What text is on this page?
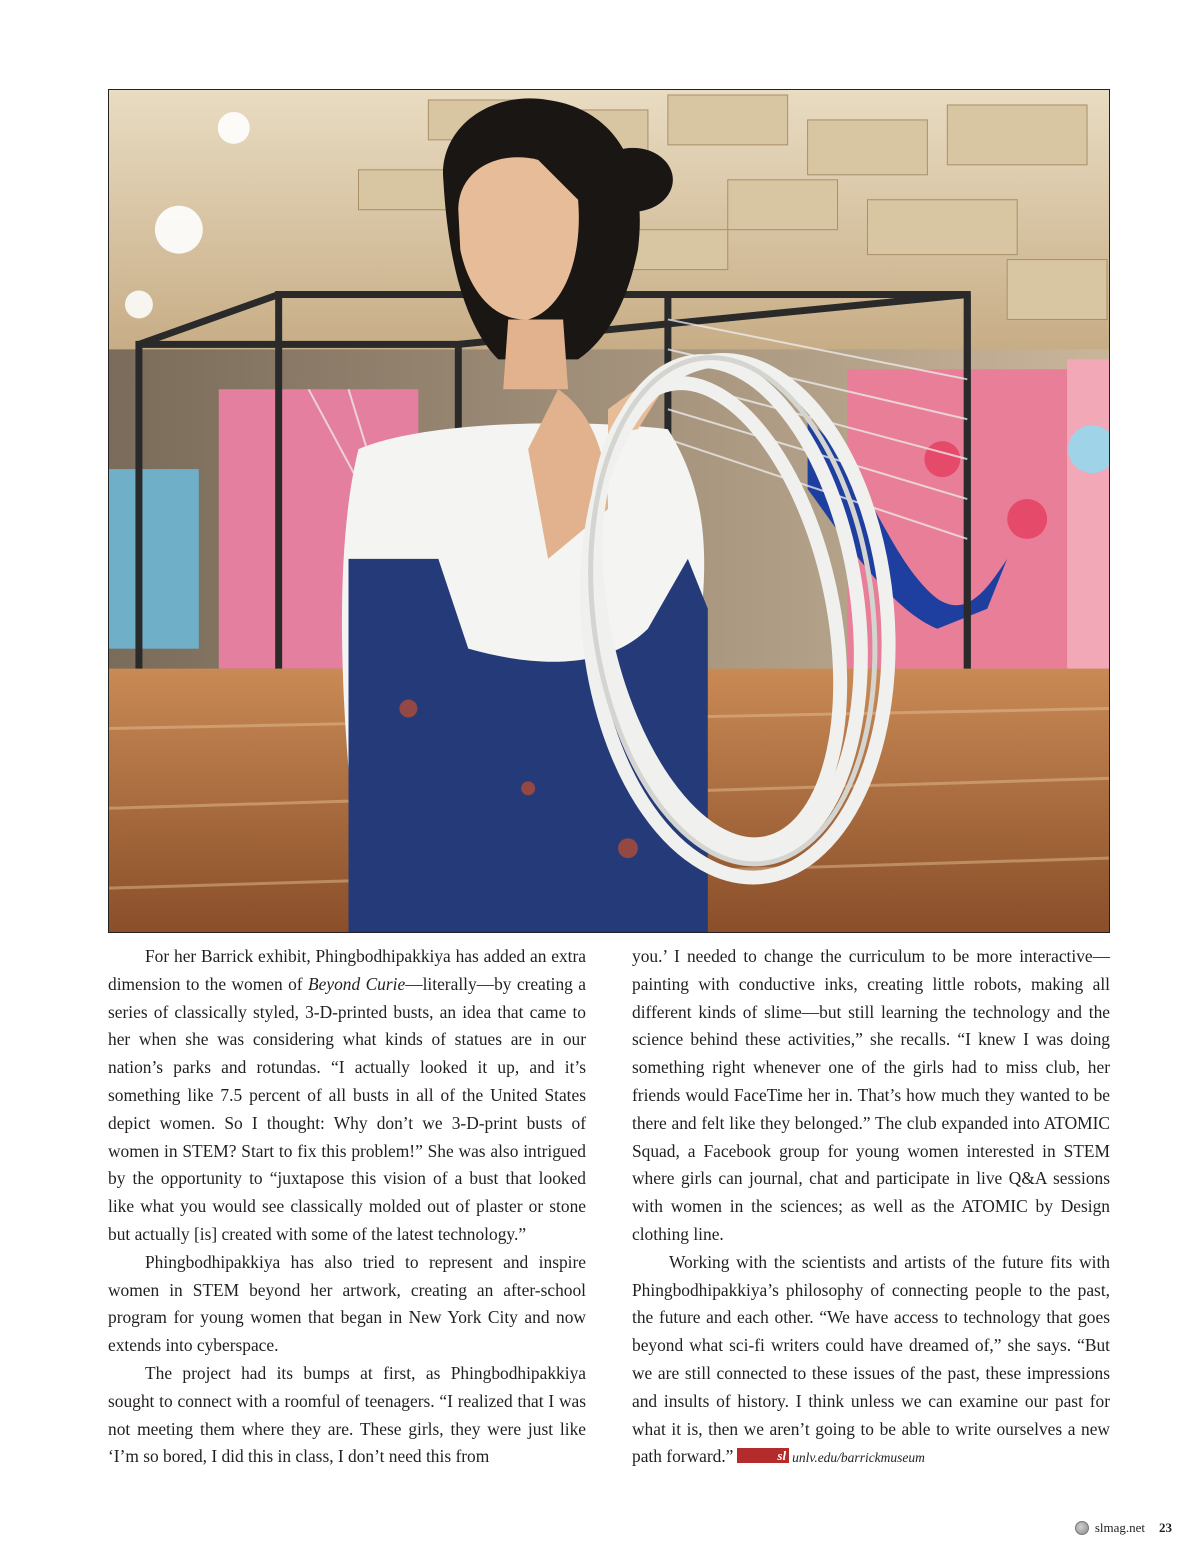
For her Barrick exhibit, Phingbodhipakkiya has added an extra dimension to the women of Beyond Curie—literally—by creating a series of classically styled, 3-D-printed busts, an idea that came to her when she was considering what kinds of statues are in our nation’s parks and rotundas. “I actually looked it up, and it’s something like 7.5 percent of all busts in all of the United States depict women. So I thought: Why don’t we 3-D-print busts of women in STEM? Start to fix this problem!” She was also intrigued by the opportunity to “juxtapose this vision of a bust that looked like what you would see classically molded out of plaster or stone but actually [is] created with some of the latest technology.”

Phingbodhipakkiya has also tried to represent and inspire women in STEM beyond her artwork, creating an after-school program for young women that began in New York City and now extends into cyberspace.

The project had its bumps at first, as Phingbodhipakkiya sought to connect with a roomful of teenagers. “I realized that I was not meeting them where they are. These girls, they were just like ‘I’m so bored, I did this in class, I don’t need this from

you.’ I needed to change the curriculum to be more interactive—painting with conductive inks, creating little robots, making all different kinds of slime—but still learning the technology and the science behind these activities,” she recalls. “I knew I was doing something right whenever one of the girls had to miss club, her friends would FaceTime her in. That’s how much they wanted to be there and felt like they belonged.” The club expanded into ATOMIC Squad, a Facebook group for young women interested in STEM where girls can journal, chat and participate in live Q&A sessions with women in the sciences; as well as the ATOMIC by Design clothing line.

Working with the scientists and artists of the future fits with Phingbodhipakkiya’s philosophy of connecting people to the past, the future and each other. “We have access to technology that goes beyond what sci-fi writers could have dreamed of,” she says. “But we are still connected to these issues of the past, these impressions and insults of history. I think unless we can examine our past for what it is, then we aren’t going to be able to write ourselves a new path forward.”	sl unlv.edu/barrickmuseum

slmag.net 23
